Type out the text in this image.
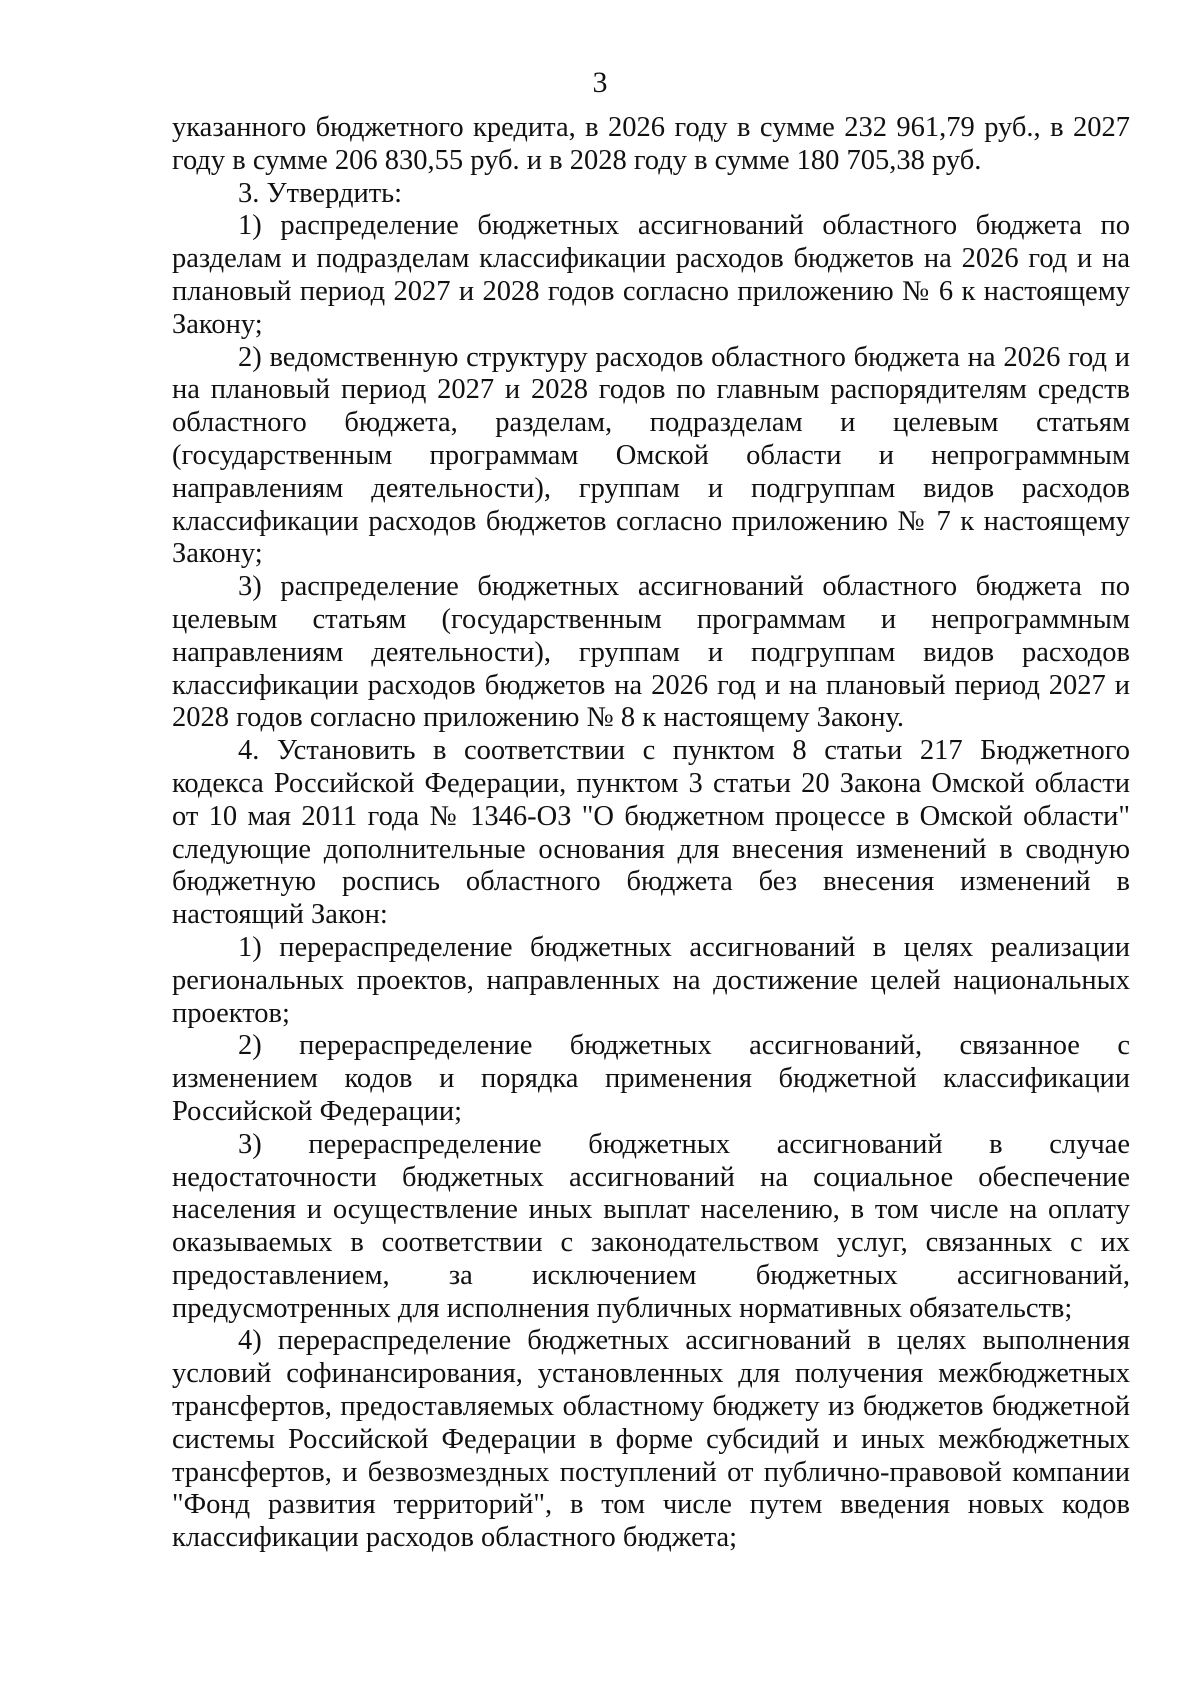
3

указанного бюджетного кредита, в 2026 году в сумме 232 961,79 руб., в 2027 году в сумме 206 830,55 руб. и в 2028 году в сумме 180 705,38 руб.

3. Утвердить:

1) распределение бюджетных ассигнований областного бюджета по разделам и подразделам классификации расходов бюджетов на 2026 год и на плановый период 2027 и 2028 годов согласно приложению № 6 к настоящему Закону;

2) ведомственную структуру расходов областного бюджета на 2026 год и на плановый период 2027 и 2028 годов по главным распорядителям средств областного бюджета, разделам, подразделам и целевым статьям (государственным программам Омской области и непрограммным направлениям деятельности), группам и подгруппам видов расходов классификации расходов бюджетов согласно приложению № 7 к настоящему Закону;

3) распределение бюджетных ассигнований областного бюджета по целевым статьям (государственным программам и непрограммным направлениям деятельности), группам и подгруппам видов расходов классификации расходов бюджетов на 2026 год и на плановый период 2027 и 2028 годов согласно приложению № 8 к настоящему Закону.

4. Установить в соответствии с пунктом 8 статьи 217 Бюджетного кодекса Российской Федерации, пунктом 3 статьи 20 Закона Омской области от 10 мая 2011 года № 1346-ОЗ "О бюджетном процессе в Омской области" следующие дополнительные основания для внесения изменений в сводную бюджетную роспись областного бюджета без внесения изменений в настоящий Закон:

1) перераспределение бюджетных ассигнований в целях реализации региональных проектов, направленных на достижение целей национальных проектов;

2) перераспределение бюджетных ассигнований, связанное с изменением кодов и порядка применения бюджетной классификации Российской Федерации;

3) перераспределение бюджетных ассигнований в случае недостаточности бюджетных ассигнований на социальное обеспечение населения и осуществление иных выплат населению, в том числе на оплату оказываемых в соответствии с законодательством услуг, связанных с их предоставлением, за исключением бюджетных ассигнований, предусмотренных для исполнения публичных нормативных обязательств;

4) перераспределение бюджетных ассигнований в целях выполнения условий софинансирования, установленных для получения межбюджетных трансфертов, предоставляемых областному бюджету из бюджетов бюджетной системы Российской Федерации в форме субсидий и иных межбюджетных трансфертов, и безвозмездных поступлений от публично-правовой компании "Фонд развития территорий", в том числе путем введения новых кодов классификации расходов областного бюджета;
